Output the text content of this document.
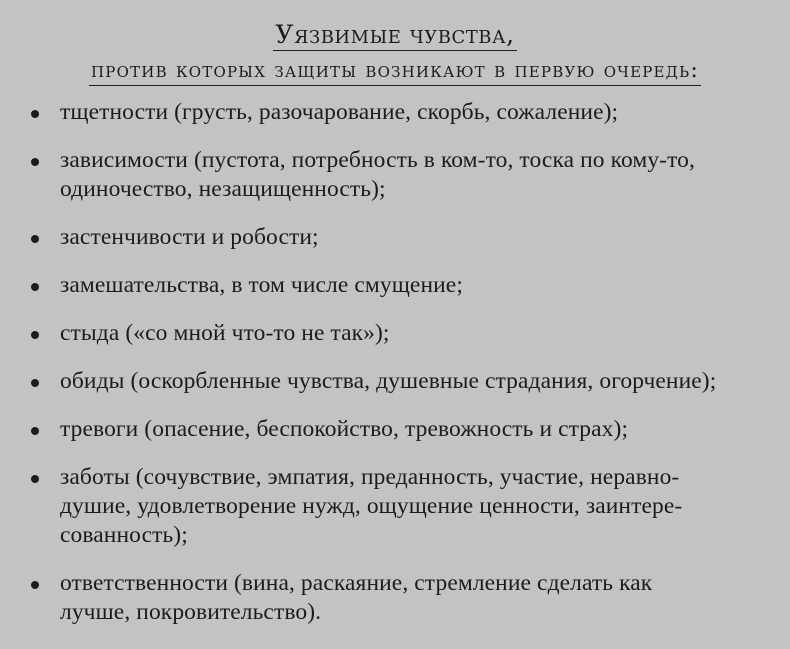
Уязвимые чувства,
против которых защиты возникают в первую очередь:
тщетности (грусть, разочарование, скорбь, сожаление);
зависимости (пустота, потребность в ком-то, тоска по кому-то,
одиночество, незащищенность);
застенчивости и робости;
замешательства, в том числе смущение;
стыда («со мной что-то не так»);
обиды (оскорбленные чувства, душевные страдания, огорчение);
тревоги (опасение, беспокойство, тревожность и страх);
заботы (сочувствие, эмпатия, преданность, участие, неравно-
душие, удовлетворение нужд, ощущение ценности, заинтере-
сованность);
ответственности (вина, раскаяние, стремление сделать как
лучше, покровительство).
